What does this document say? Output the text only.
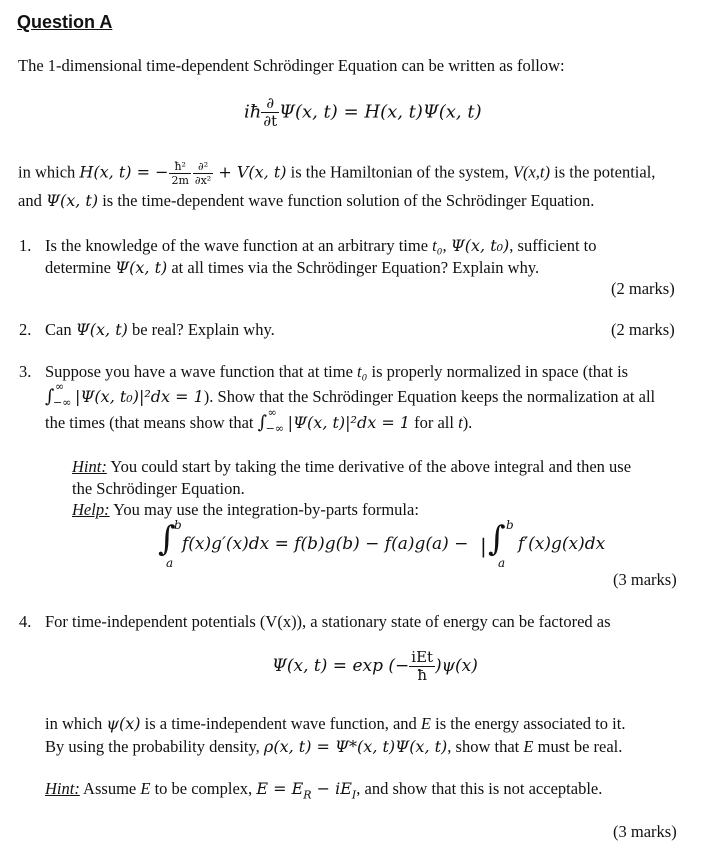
Question A
The 1-dimensional time-dependent Schrödinger Equation can be written as follow:
iħ $\frac{\partial}{\partial t} \Psi(x$, t) = H(x, t)Ψ(x, t)
in which H(x, t) = − $\frac{\text{ħ²}}{2m} \frac{\text{∂²}}{\text{∂x²}} + V(x$, t) is the Hamiltonian of the system, V(x,t) is the potential,
and Ψ(x, t) is the time-dependent wave function solution of the Schrödinger Equation.
1. Is the knowledge of the wave function at an arbitrary time t₀, Ψ(x, t₀), sufficient to
determine Ψ(x, t) at all times via the Schrödinger Equation? Explain why.
(2 marks)
2. Can Ψ(x, t) be real? Explain why.	(2 marks)
3. Suppose you have a wave function that at time t₀ is properly normalized in space (that is
∫ ∞
−∞ |Ψ(x, t₀)|²dx = 1). Show that the Schrödinger Equation keeps the normalization at all
the times (that means show that ∫ ∞
−∞ |Ψ(x, t)|²dx = 1 for all t).
Hint: You could start by taking the time derivative of the above integral and then use
the Schrödinger Equation.
Help: You may use the integration-by-parts formula:
∫
b
a
f(x)g′(x)dx = f(b)g(b) − f(a)g(a) − | ∫ b
a
f′(x)g(x)dx
(3 marks)
4. For time-independent potentials (V(x)), a stationary state of energy can be factored as
Ψ(x, t) = exp (− $\frac{\text{iEt}}{ħ} )\psi(x)$
in which ψ(x) is a time-independent wave function, and E is the energy associated to it.
By using the probability density, ρ(x, t) = Ψ*(x, t)Ψ(x, t), show that E must be real.
Hint: Assume E to be complex, $E = E_R - iE_I$, and show that this is not acceptable.
(3 marks)
